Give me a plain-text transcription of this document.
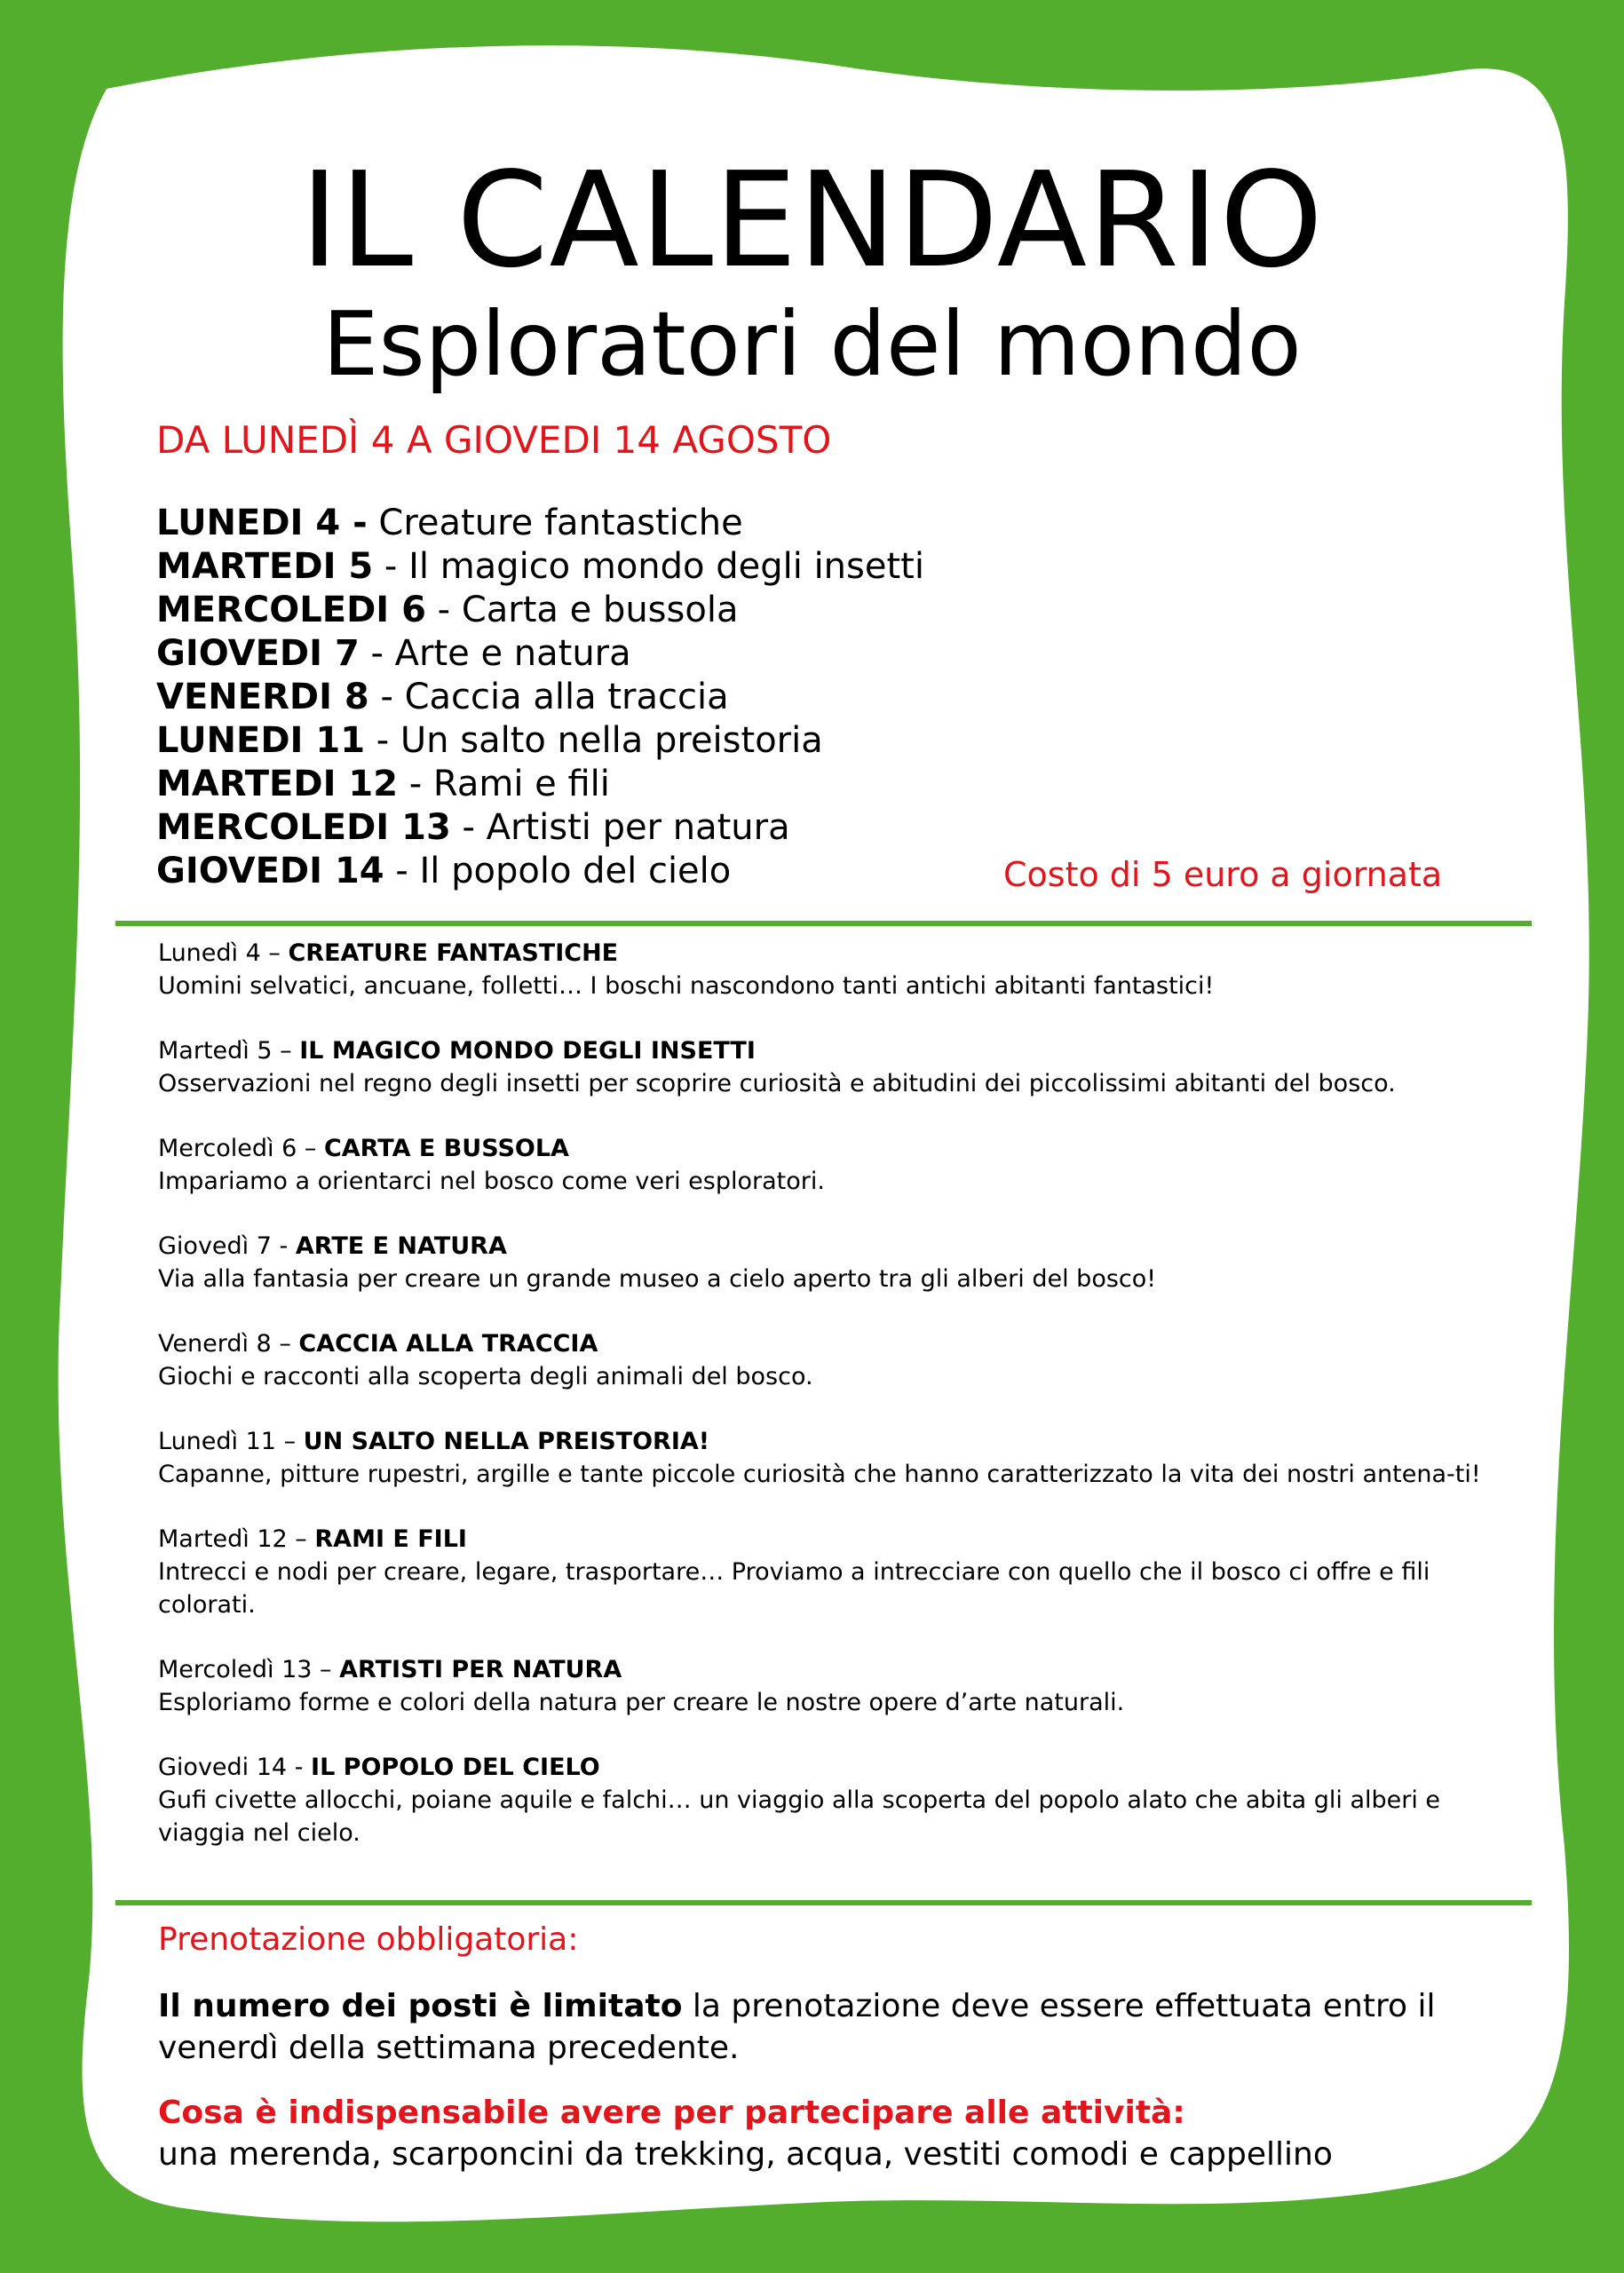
IL CALENDARIO
Esploratori del mondo
DA LUNEDÌ 4 A GIOVEDI 14 AGOSTO
LUNEDI 4 - Creature fantastiche
MARTEDI 5 - Il magico mondo degli insetti
MERCOLEDI 6 - Carta e bussola
GIOVEDI 7 - Arte e natura
VENERDI 8 - Caccia alla traccia
LUNEDI 11 - Un salto nella preistoria
MARTEDI 12 - Rami e fili
MERCOLEDI 13 - Artisti per natura
GIOVEDI 14 - Il popolo del cielo	Costo di 5 euro a giornata
Lunedì 4 – CREATURE FANTASTICHE
Uomini selvatici, ancuane, folletti… I boschi nascondono tanti antichi abitanti fantastici!
Martedì 5 – IL MAGICO MONDO DEGLI INSETTI
Osservazioni nel regno degli insetti per scoprire curiosità e abitudini dei piccolissimi abitanti del bosco.
Mercoledì 6 – CARTA E BUSSOLA
Impariamo a orientarci nel bosco come veri esploratori.
Giovedì 7 - ARTE E NATURA
Via alla fantasia per creare un grande museo a cielo aperto tra gli alberi del bosco!
Venerdì 8 – CACCIA ALLA TRACCIA
Giochi e racconti alla scoperta degli animali del bosco.
Lunedì 11 – UN SALTO NELLA PREISTORIA!
Capanne, pitture rupestri, argille e tante piccole curiosità che hanno caratterizzato la vita dei nostri antena-ti!
Martedì 12 – RAMI E FILI
Intrecci e nodi per creare, legare, trasportare… Proviamo a intrecciare con quello che il bosco ci offre e fili colorati.
Mercoledì 13 – ARTISTI PER NATURA
Esploriamo forme e colori della natura per creare le nostre opere d’arte naturali.
Giovedi 14 - IL POPOLO DEL CIELO
Gufi civette allocchi, poiane aquile e falchi… un viaggio alla scoperta del popolo alato che abita gli alberi e viaggia nel cielo.
Prenotazione obbligatoria:
Il numero dei posti è limitato la prenotazione deve essere effettuata entro il venerdì della settimana precedente.
Cosa è indispensabile avere per partecipare alle attività:
una merenda, scarponcini da trekking, acqua, vestiti comodi e cappellino
